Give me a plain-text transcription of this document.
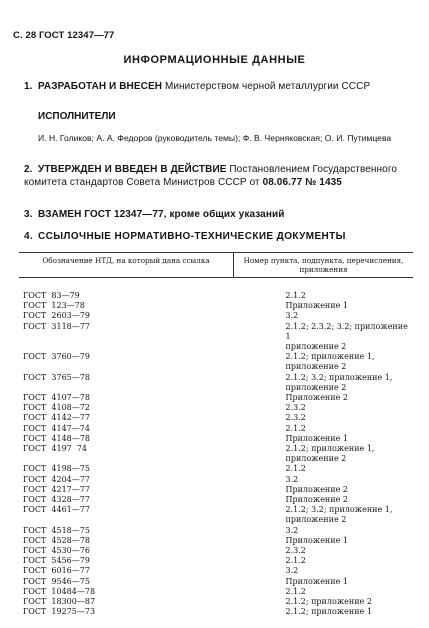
С. 28 ГОСТ 12347—77
ИНФОРМАЦИОННЫЕ ДАННЫЕ
1. РАЗРАБОТАН И ВНЕСЕН Министерством черной металлургии СССР
ИСПОЛНИТЕЛИ
И. Н. Голиков; А. А. Федоров (руководитель темы); Ф. В. Черняковская; О. И. Путимцева
2. УТВЕРЖДЕН И ВВЕДЕН В ДЕЙСТВИЕ Постановлением Государственного комитета стандартов Совета Министров СССР от 08.06.77 № 1435
3. ВЗАМЕН ГОСТ 12347—77, кроме общих указаний
4. ССЫЛОЧНЫЕ НОРМАТИВНО-ТЕХНИЧЕСКИЕ ДОКУМЕНТЫ
Обозначение НТД, на который дана ссылка	Номер пункта, подпункта, перечисления, приложения
ГОСТ  83—79	2.1.2
ГОСТ  123—78	Приложение 1
ГОСТ  2603—79	3.2
ГОСТ  3118—77	2.1.2; 2.3.2; 3.2; приложение 1
	приложение 2
ГОСТ  3760—79	2.1.2; приложение 1, приложение 2
ГОСТ  3765—78	2.1.2; 3.2; приложение 1, приложение 2
ГОСТ  4107—78	Приложение 2
ГОСТ  4108—72	2.3.2
ГОСТ  4142—77	2.3.2
ГОСТ  4147—74	2.1.2
ГОСТ  4148—78	Приложение 1
ГОСТ  4197  74	2.1.2; приложение 1, приложение 2
ГОСТ  4198—75	2.1.2
ГОСТ  4204—77	3.2
ГОСТ  4217—77	Приложение 2
ГОСТ  4328—77	Приложение 2
ГОСТ  4461—77	2.1.2; 3.2; приложение 1, приложение 2
ГОСТ  4518—75	3.2
ГОСТ  4528—78	Приложение 1
ГОСТ  4530—76	2.3.2
ГОСТ  5456—79	2.1.2
ГОСТ  6016—77	3.2
ГОСТ  9546—75	Приложение 1
ГОСТ  10484—78	2.1.2
ГОСТ  18300—87	2.1.2; приложение 2
ГОСТ  19275—73	2.1.2; приложение 1
